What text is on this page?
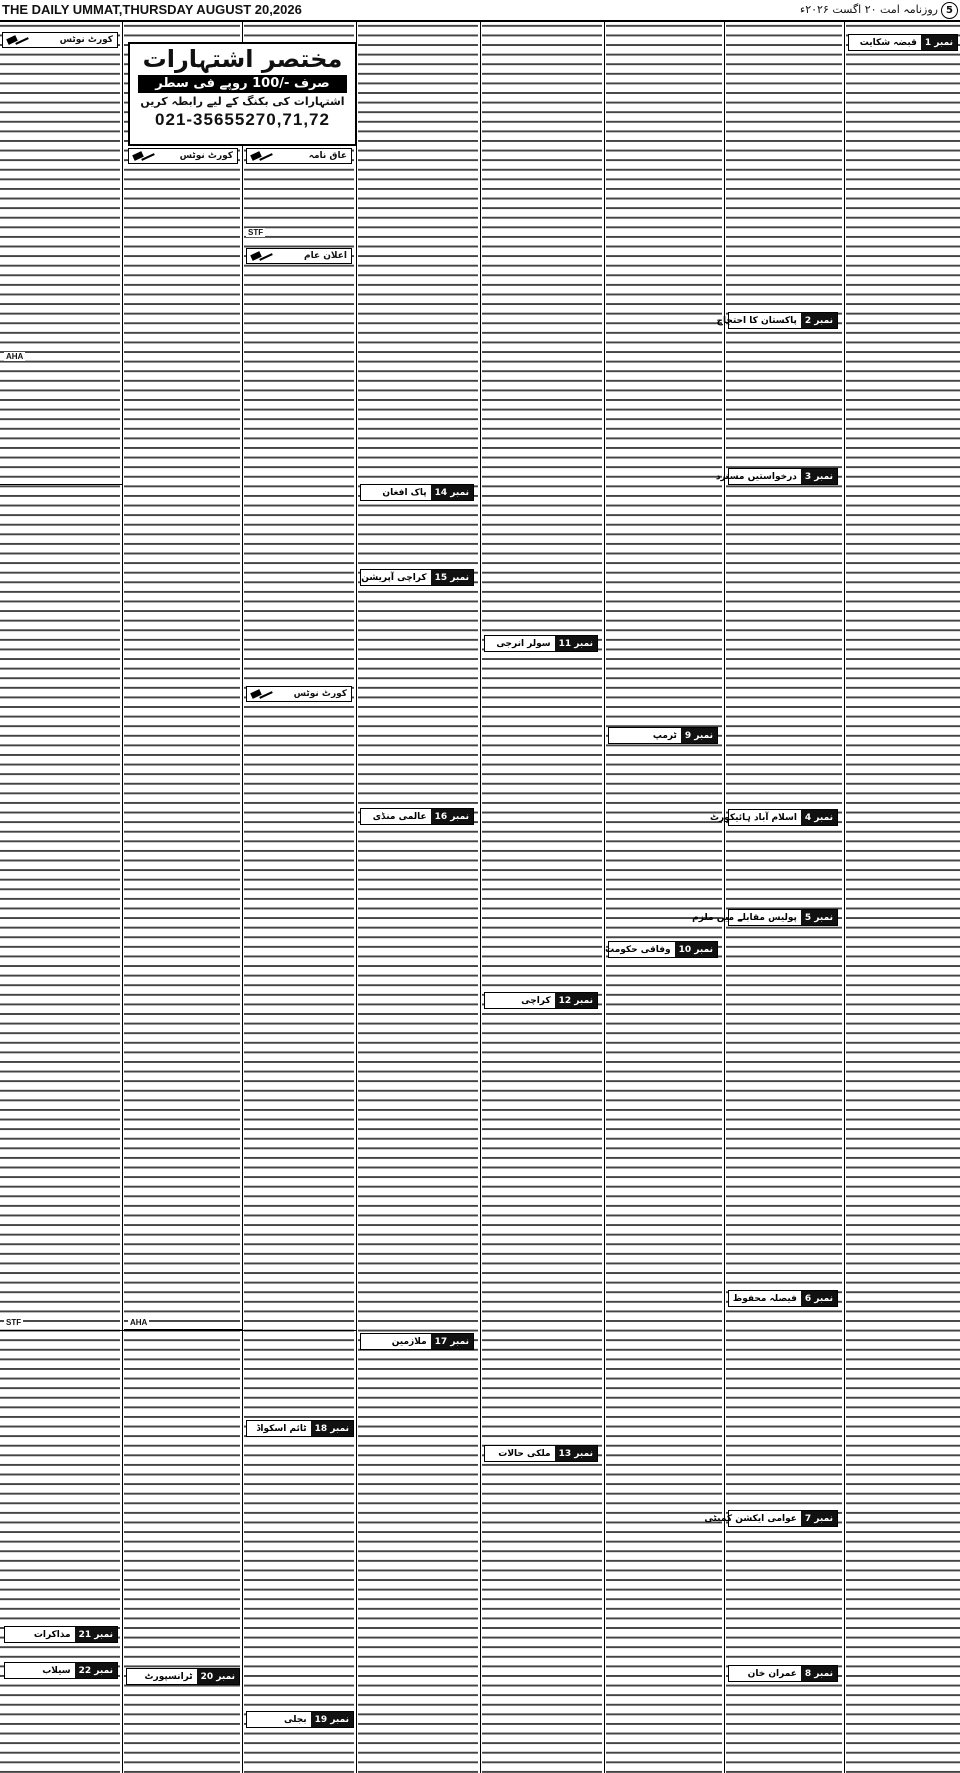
THE DAILY UMMAT,THURSDAY AUGUST 20,2026	روزنامہ امت ۲۰ اگست ۲۰۲۶ء 5
مختصر اشتہارات
صرف -/100 روپے فی سطر
اشتہارات کی بکنگ کے لیے رابطہ کریں
021-35655270,71,72
کورٹ نوٹس
کورٹ نوٹس	عاق نامہ
اعلان عام
کورٹ نوٹس
STF	AHA
STF
AHA
نمبر 1
قبضہ شکایت
نمبر 2
پاکستان کا احتجاج
نمبر 3
درخواستیں مسترد
نمبر 4
اسلام آباد ہائیکورٹ
نمبر 5
پولیس مقابلے میں ملزم
نمبر 6
فیصلہ محفوظ
نمبر 7
عوامی ایکشن کمیٹی
نمبر 8
عمران خان
نمبر 9
ٹرمپ
نمبر 10
وفاقی حکومت
نمبر 11
سولر انرجی
نمبر 12
کراچی
نمبر 13
ملکی حالات
نمبر 14
پاک افغان
نمبر 15
کراچی آپریشن
نمبر 16
عالمی منڈی
نمبر 17
ملازمین
نمبر 18
ٹائم اسکواڈ
نمبر 19
بجلی
نمبر 20
ٹرانسپورٹ
نمبر 21
مذاکرات
نمبر 22
سیلاب
